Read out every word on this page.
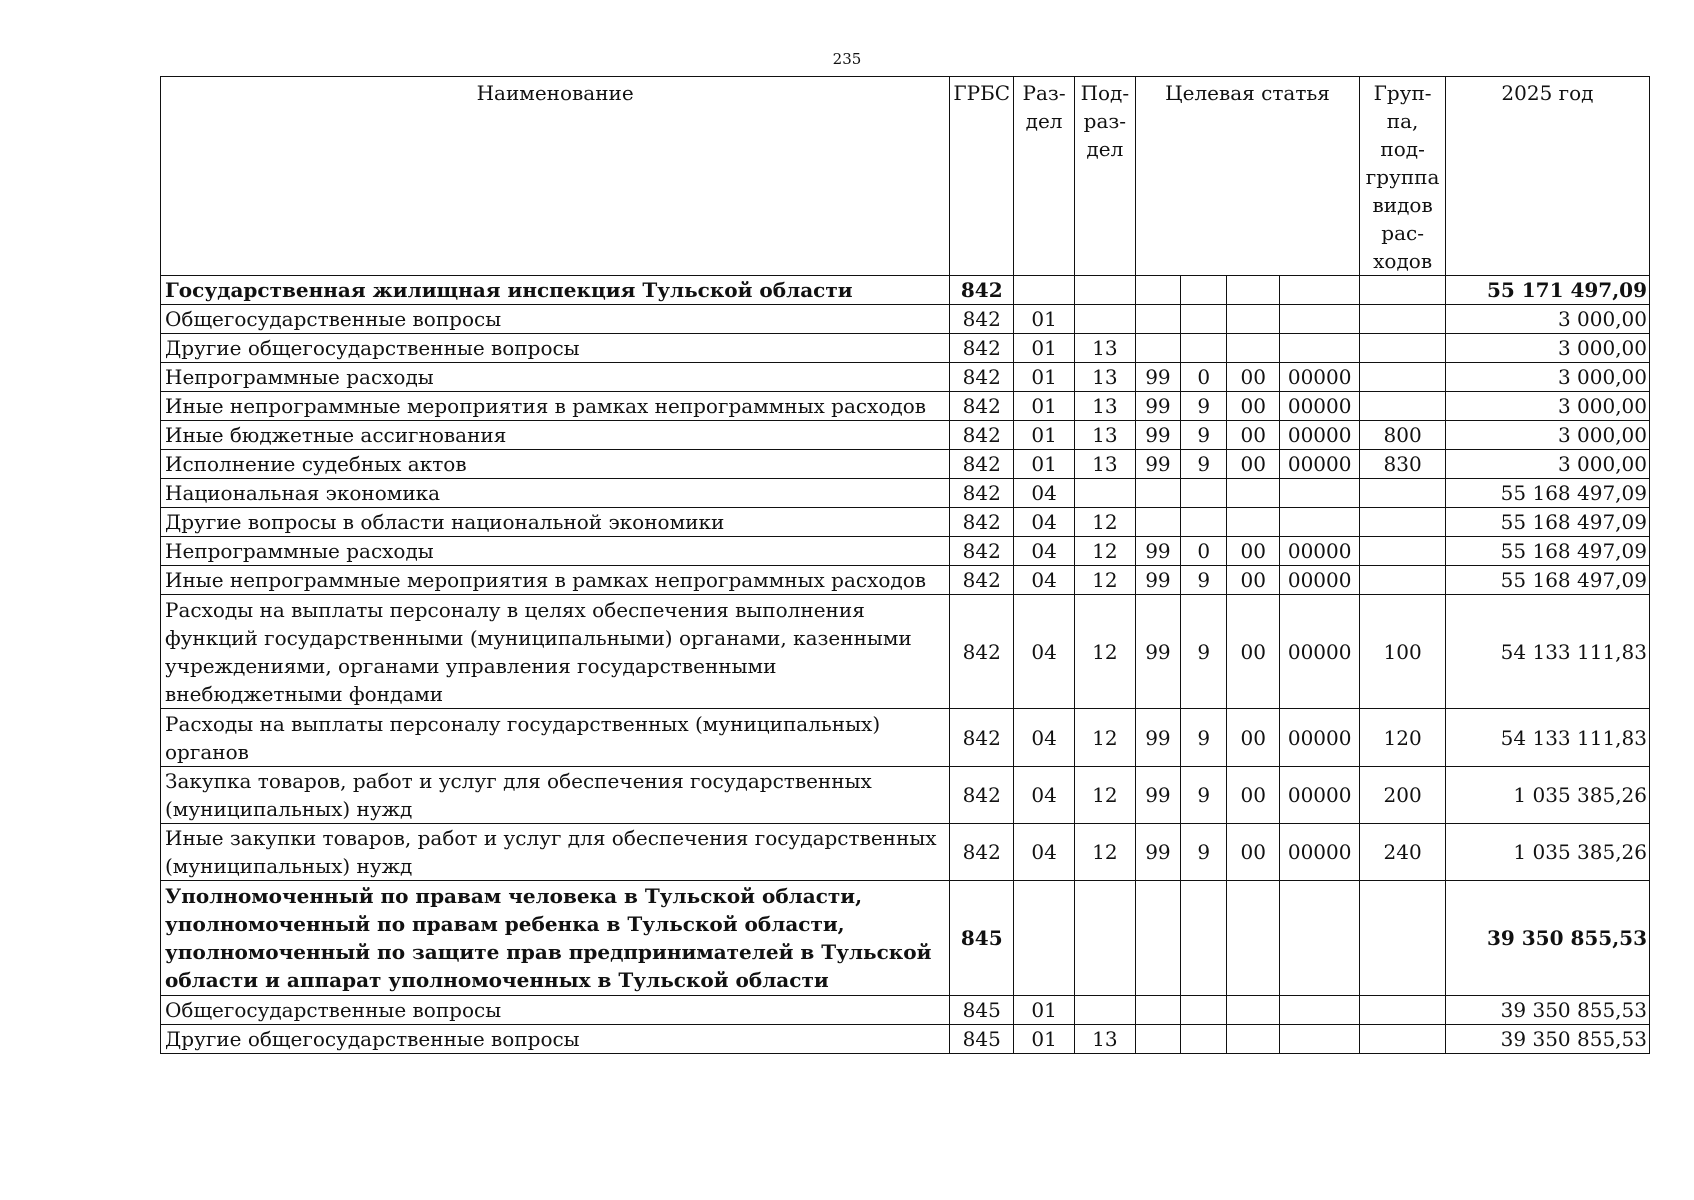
235
Наименование	ГРБС	Раз-дел	Под-раз-дел	Целевая статья				Груп-па, под-группа видов рас-ходов	2025 год
Государственная жилищная инспекция Тульской области	842								55 171 497,09
Общегосударственные вопросы	842	01							3 000,00
Другие общегосударственные вопросы	842	01	13						3 000,00
Непрограммные расходы	842	01	13	99	0	00	00000		3 000,00
Иные непрограммные мероприятия в рамках непрограммных расходов	842	01	13	99	9	00	00000		3 000,00
Иные бюджетные ассигнования	842	01	13	99	9	00	00000	800	3 000,00
Исполнение судебных актов	842	01	13	99	9	00	00000	830	3 000,00
Национальная экономика	842	04							55 168 497,09
Другие вопросы в области национальной экономики	842	04	12						55 168 497,09
Непрограммные расходы	842	04	12	99	0	00	00000		55 168 497,09
Иные непрограммные мероприятия в рамках непрограммных расходов	842	04	12	99	9	00	00000		55 168 497,09
Расходы на выплаты персоналу в целях обеспечения выполнения функций государственными (муниципальными) органами, казенными учреждениями, органами управления государственными внебюджетными фондами	842	04	12	99	9	00	00000	100	54 133 111,83
Расходы на выплаты персоналу государственных (муниципальных) органов	842	04	12	99	9	00	00000	120	54 133 111,83
Закупка товаров, работ и услуг для обеспечения государственных (муниципальных) нужд	842	04	12	99	9	00	00000	200	1 035 385,26
Иные закупки товаров, работ и услуг для обеспечения государственных (муниципальных) нужд	842	04	12	99	9	00	00000	240	1 035 385,26
Уполномоченный по правам человека в Тульской области, уполномоченный по правам ребенка в Тульской области, уполномоченный по защите прав предпринимателей в Тульской области и аппарат уполномоченных в Тульской области	845								39 350 855,53
Общегосударственные вопросы	845	01							39 350 855,53
Другие общегосударственные вопросы	845	01	13						39 350 855,53
